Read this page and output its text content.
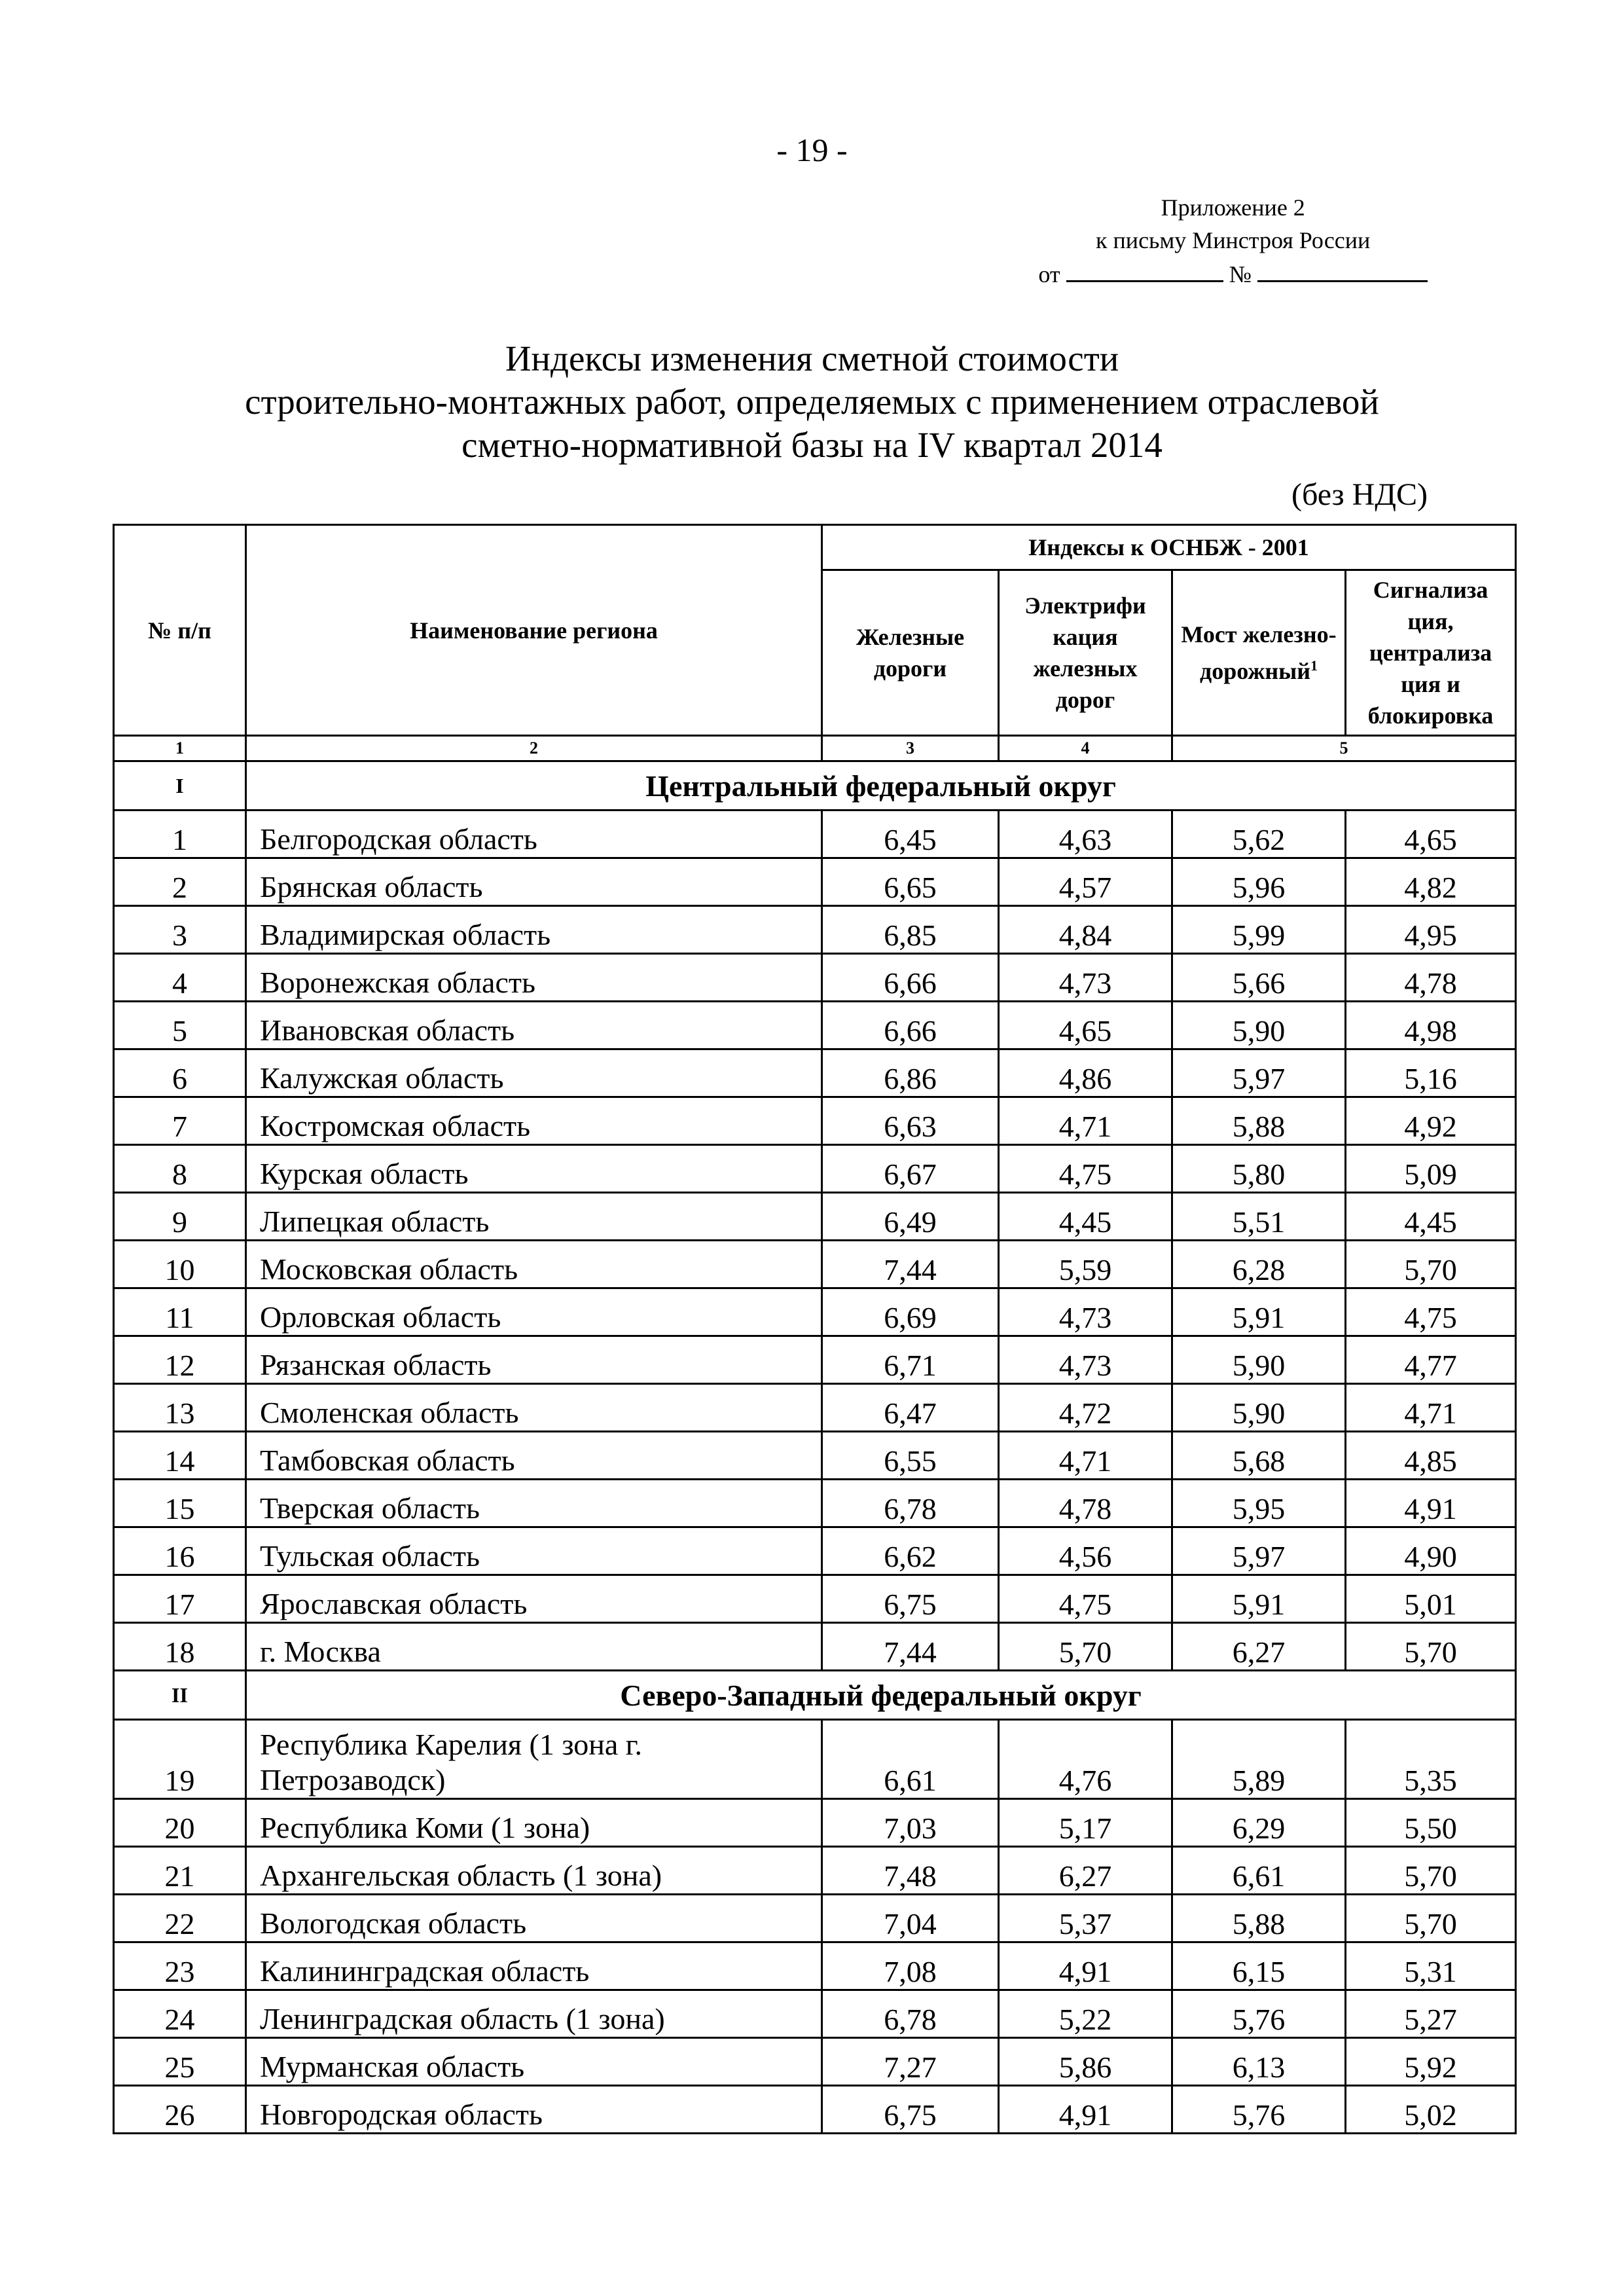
- 19 -
Приложение 2
к письму Минстроя России
от	№
Индексы изменения сметной стоимости
строительно-монтажных работ, определяемых с применением отраслевой
сметно-нормативной базы на IV квартал 2014
(без НДС)
№ п/п	Наименование региона	Индексы к ОСНБЖ - 2001			
		Железные дороги	Электрифи кация железных дорог	Мост железно-дорожный$^1$	Сигнализа ция, централиза ция и блокировка
1	2	3	4	5	
I	Центральный федеральный округ				
1	Белгородская область	6,45	4,63	5,62	4,65
2	Брянская область	6,65	4,57	5,96	4,82
3	Владимирская область	6,85	4,84	5,99	4,95
4	Воронежская область	6,66	4,73	5,66	4,78
5	Ивановская область	6,66	4,65	5,90	4,98
6	Калужская область	6,86	4,86	5,97	5,16
7	Костромская область	6,63	4,71	5,88	4,92
8	Курская область	6,67	4,75	5,80	5,09
9	Липецкая область	6,49	4,45	5,51	4,45
10	Московская область	7,44	5,59	6,28	5,70
11	Орловская область	6,69	4,73	5,91	4,75
12	Рязанская область	6,71	4,73	5,90	4,77
13	Смоленская область	6,47	4,72	5,90	4,71
14	Тамбовская область	6,55	4,71	5,68	4,85
15	Тверская область	6,78	4,78	5,95	4,91
16	Тульская область	6,62	4,56	5,97	4,90
17	Ярославская область	6,75	4,75	5,91	5,01
18	г. Москва	7,44	5,70	6,27	5,70
II	Северо-Западный федеральный округ				
19	Республика Карелия (1 зона г. Петрозаводск)	6,61	4,76	5,89	5,35
20	Республика Коми (1 зона)	7,03	5,17	6,29	5,50
21	Архангельская область (1 зона)	7,48	6,27	6,61	5,70
22	Вологодская область	7,04	5,37	5,88	5,70
23	Калининградская область	7,08	4,91	6,15	5,31
24	Ленинградская область (1 зона)	6,78	5,22	5,76	5,27
25	Мурманская область	7,27	5,86	6,13	5,92
26	Новгородская область	6,75	4,91	5,76	5,02
